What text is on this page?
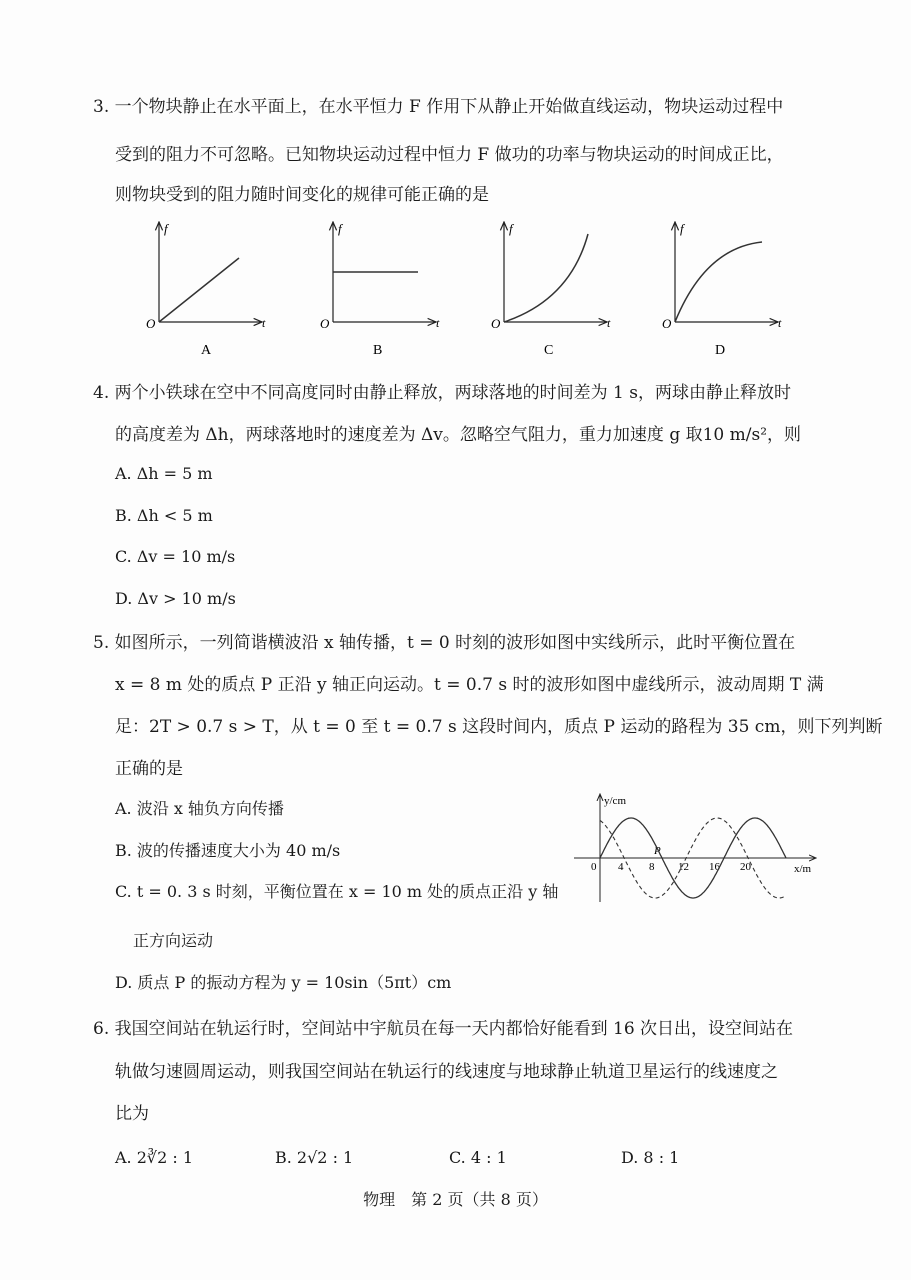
3. 一个物块静止在水平面上，在水平恒力 F 作用下从静止开始做直线运动，物块运动过程中
受到的阻力不可忽略。已知物块运动过程中恒力 F 做功的功率与物块运动的时间成正比，
则物块受到的阻力随时间变化的规律可能正确的是
f
t
O
A
f
t
O
B
f
t
O
C
f
t
O
D
4. 两个小铁球在空中不同高度同时由静止释放，两球落地的时间差为 1 s，两球由静止释放时
的高度差为 Δh，两球落地时的速度差为 Δv。忽略空气阻力，重力加速度 g 取10 m/s²，则
A. Δh = 5 m
B. Δh < 5 m
C. Δv = 10 m/s
D. Δv > 10 m/s
5. 如图所示，一列简谐横波沿 x 轴传播，t = 0 时刻的波形如图中实线所示，此时平衡位置在
x = 8 m 处的质点 P 正沿 y 轴正向运动。t = 0.7 s 时的波形如图中虚线所示，波动周期 T 满
足：2T > 0.7 s > T，从 t = 0 至 t = 0.7 s 这段时间内，质点 P 运动的路程为 35 cm，则下列判断
正确的是
A. 波沿 x 轴负方向传播
B. 波的传播速度大小为 40 m/s
C. t = 0. 3 s 时刻，平衡位置在 x = 10 m 处的质点正沿 y 轴
正方向运动
D. 质点 P 的振动方程为 y = 10sin（5πt）cm
y/cm
x/m
0 4 8 12 16 20
P
6. 我国空间站在轨运行时，空间站中宇航员在每一天内都恰好能看到 16 次日出，设空间站在
轨做匀速圆周运动，则我国空间站在轨运行的线速度与地球静止轨道卫星运行的线速度之
比为
A. 2∛2 : 1	B. 2√2 : 1	C. 4 : 1	D. 8 : 1
物理　第 2 页（共 8 页）
